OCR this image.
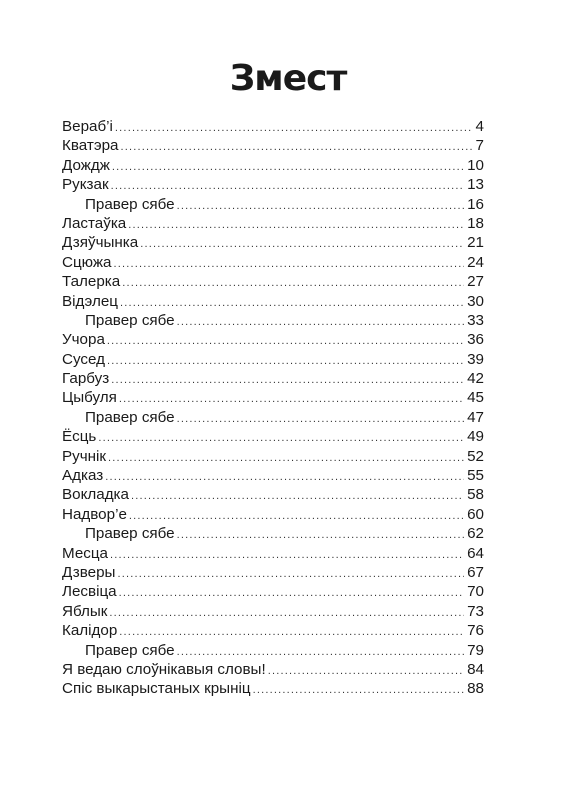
Змест
Вераб’і .....	4
Кватэра .....	7
Дождж .....	10
Рукзак .....	13
Правер сябе .....	16
Ластаўка .....	18
Дзяўчынка .....	21
Сцюжа .....	24
Талерка .....	27
Відэлец .....	30
Правер сябе .....	33
Учора .....	36
Сусед .....	39
Гарбуз .....	42
Цыбуля .....	45
Правер сябе .....	47
Ёсць .....	49
Ручнік .....	52
Адказ .....	55
Вокладка .....	58
Надвор’е .....	60
Правер сябе .....	62
Месца .....	64
Дзверы .....	67
Лесвіца .....	70
Яблык .....	73
Калідор .....	76
Правер сябе .....	79
Я ведаю слоўнікавыя словы! .....	84
Спіс выкарыстаных крыніц .....	88
